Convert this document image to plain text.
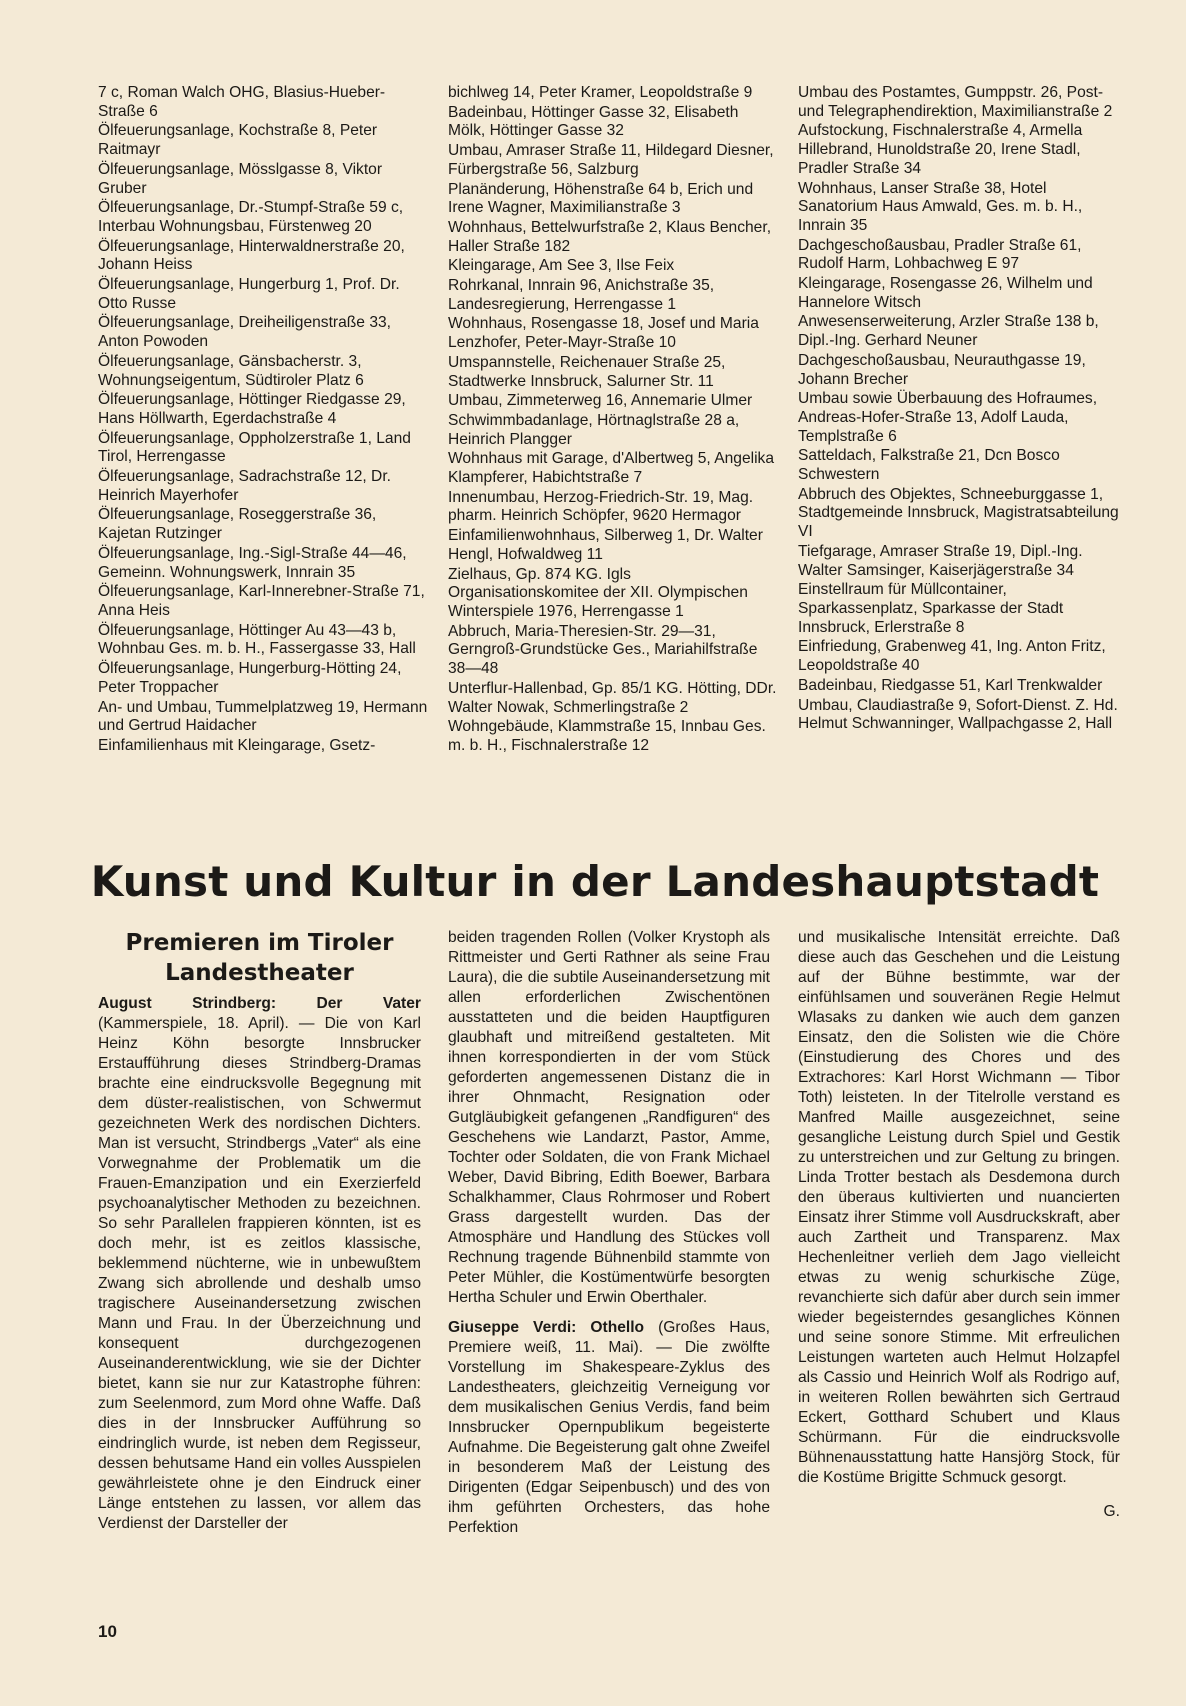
7 c, Roman Walch OHG, Blasius-Hueber-Straße 6

Ölfeuerungsanlage, Kochstraße 8, Peter Raitmayr

Ölfeuerungsanlage, Mösslgasse 8, Viktor Gruber

Ölfeuerungsanlage, Dr.-Stumpf-Straße 59 c, Interbau Wohnungsbau, Fürstenweg 20

Ölfeuerungsanlage, Hinterwaldnerstraße 20, Johann Heiss

Ölfeuerungsanlage, Hungerburg 1, Prof. Dr. Otto Russe

Ölfeuerungsanlage, Dreiheiligenstraße 33, Anton Powoden

Ölfeuerungsanlage, Gänsbacherstr. 3, Wohnungseigentum, Südtiroler Platz 6

Ölfeuerungsanlage, Höttinger Riedgasse 29, Hans Höllwarth, Egerdachstraße 4

Ölfeuerungsanlage, Oppholzerstraße 1, Land Tirol, Herrengasse

Ölfeuerungsanlage, Sadrachstraße 12, Dr. Heinrich Mayerhofer

Ölfeuerungsanlage, Roseggerstraße 36, Kajetan Rutzinger

Ölfeuerungsanlage, Ing.-Sigl-Straße 44—46, Gemeinn. Wohnungswerk, Innrain 35

Ölfeuerungsanlage, Karl-Innerebner-Straße 71, Anna Heis

Ölfeuerungsanlage, Höttinger Au 43—43 b, Wohnbau Ges. m. b. H., Fassergasse 33, Hall

Ölfeuerungsanlage, Hungerburg-Hötting 24, Peter Troppacher

An- und Umbau, Tummelplatzweg 19, Hermann und Gertrud Haidacher

Einfamilienhaus mit Kleingarage, Gsetz-

bichlweg 14, Peter Kramer, Leopoldstraße 9

Badeinbau, Höttinger Gasse 32, Elisabeth Mölk, Höttinger Gasse 32

Umbau, Amraser Straße 11, Hildegard Diesner, Fürbergstraße 56, Salzburg

Planänderung, Höhenstraße 64 b, Erich und Irene Wagner, Maximilianstraße 3

Wohnhaus, Bettelwurfstraße 2, Klaus Bencher, Haller Straße 182

Kleingarage, Am See 3, Ilse Feix

Rohrkanal, Innrain 96, Anichstraße 35, Landesregierung, Herrengasse 1

Wohnhaus, Rosengasse 18, Josef und Maria Lenzhofer, Peter-Mayr-Straße 10

Umspannstelle, Reichenauer Straße 25, Stadtwerke Innsbruck, Salurner Str. 11

Umbau, Zimmeterweg 16, Annemarie Ulmer

Schwimmbadanlage, Hörtnaglstraße 28 a, Heinrich Plangger

Wohnhaus mit Garage, d'Albertweg 5, Angelika Klampferer, Habichtstraße 7

Innenumbau, Herzog-Friedrich-Str. 19, Mag. pharm. Heinrich Schöpfer, 9620 Hermagor

Einfamilienwohnhaus, Silberweg 1, Dr. Walter Hengl, Hofwaldweg 11

Zielhaus, Gp. 874 KG. Igls Organisationskomitee der XII. Olympischen Winterspiele 1976, Herrengasse 1

Abbruch, Maria-Theresien-Str. 29—31, Gerngroß-Grundstücke Ges., Mariahilfstraße 38—48

Unterflur-Hallenbad, Gp. 85/1 KG. Hötting, DDr. Walter Nowak, Schmerlingstraße 2

Wohngebäude, Klammstraße 15, Innbau Ges. m. b. H., Fischnalerstraße 12

Umbau des Postamtes, Gumppstr. 26, Post- und Telegraphendirektion, Maximilianstraße 2

Aufstockung, Fischnalerstraße 4, Armella Hillebrand, Hunoldstraße 20, Irene Stadl, Pradler Straße 34

Wohnhaus, Lanser Straße 38, Hotel Sanatorium Haus Amwald, Ges. m. b. H., Innrain 35

Dachgeschoßausbau, Pradler Straße 61, Rudolf Harm, Lohbachweg E 97

Kleingarage, Rosengasse 26, Wilhelm und Hannelore Witsch

Anwesenserweiterung, Arzler Straße 138 b, Dipl.-Ing. Gerhard Neuner

Dachgeschoßausbau, Neurauthgasse 19, Johann Brecher

Umbau sowie Überbauung des Hofraumes, Andreas-Hofer-Straße 13, Adolf Lauda, Templstraße 6

Satteldach, Falkstraße 21, Dcn Bosco Schwestern

Abbruch des Objektes, Schneeburggasse 1, Stadtgemeinde Innsbruck, Magistratsabteilung VI

Tiefgarage, Amraser Straße 19, Dipl.-Ing. Walter Samsinger, Kaiserjägerstraße 34

Einstellraum für Müllcontainer, Sparkassenplatz, Sparkasse der Stadt Innsbruck, Erlerstraße 8

Einfriedung, Grabenweg 41, Ing. Anton Fritz, Leopoldstraße 40

Badeinbau, Riedgasse 51, Karl Trenkwalder

Umbau, Claudiastraße 9, Sofort-Dienst. Z. Hd. Helmut Schwanninger, Wallpachgasse 2, Hall

Kunst und Kultur in der Landeshauptstadt
Premieren im Tiroler Landestheater

August Strindberg: Der Vater (Kammerspiele, 18. April). — Die von Karl Heinz Köhn besorgte Innsbrucker Erstaufführung dieses Strindberg-Dramas brachte eine eindrucksvolle Begegnung mit dem düster-realistischen, von Schwermut gezeichneten Werk des nordischen Dichters. Man ist versucht, Strindbergs „Vater“ als eine Vorwegnahme der Problematik um die Frauen-Emanzipation und ein Exerzierfeld psychoanalytischer Methoden zu bezeichnen. So sehr Parallelen frappieren könnten, ist es doch mehr, ist es zeitlos klassische, beklemmend nüchterne, wie in unbewußtem Zwang sich abrollende und deshalb umso tragischere Auseinandersetzung zwischen Mann und Frau. In der Überzeichnung und konsequent durchgezogenen Auseinanderentwicklung, wie sie der Dichter bietet, kann sie nur zur Katastrophe führen: zum Seelenmord, zum Mord ohne Waffe. Daß dies in der Innsbrucker Aufführung so eindringlich wurde, ist neben dem Regisseur, dessen behutsame Hand ein volles Ausspielen gewährleistete ohne je den Eindruck einer Länge entstehen zu lassen, vor allem das Verdienst der Darsteller der

beiden tragenden Rollen (Volker Krystoph als Rittmeister und Gerti Rathner als seine Frau Laura), die die subtile Auseinandersetzung mit allen erforderlichen Zwischentönen ausstatteten und die beiden Hauptfiguren glaubhaft und mitreißend gestalteten. Mit ihnen korrespondierten in der vom Stück geforderten angemessenen Distanz die in ihrer Ohnmacht, Resignation oder Gutgläubigkeit gefangenen „Randfiguren“ des Geschehens wie Landarzt, Pastor, Amme, Tochter oder Soldaten, die von Frank Michael Weber, David Bibring, Edith Boewer, Barbara Schalkhammer, Claus Rohrmoser und Robert Grass dargestellt wurden. Das der Atmosphäre und Handlung des Stückes voll Rechnung tragende Bühnenbild stammte von Peter Mühler, die Kostümentwürfe besorgten Hertha Schuler und Erwin Oberthaler.

Giuseppe Verdi: Othello (Großes Haus, Premiere weiß, 11. Mai). — Die zwölfte Vorstellung im Shakespeare-Zyklus des Landestheaters, gleichzeitig Verneigung vor dem musikalischen Genius Verdis, fand beim Innsbrucker Opernpublikum begeisterte Aufnahme. Die Begeisterung galt ohne Zweifel in besonderem Maß der Leistung des Dirigenten (Edgar Seipenbusch) und des von ihm geführten Orchesters, das hohe Perfektion

und musikalische Intensität erreichte. Daß diese auch das Geschehen und die Leistung auf der Bühne bestimmte, war der einfühlsamen und souveränen Regie Helmut Wlasaks zu danken wie auch dem ganzen Einsatz, den die Solisten wie die Chöre (Einstudierung des Chores und des Extrachores: Karl Horst Wichmann — Tibor Toth) leisteten. In der Titelrolle verstand es Manfred Maille ausgezeichnet, seine gesangliche Leistung durch Spiel und Gestik zu unterstreichen und zur Geltung zu bringen. Linda Trotter bestach als Desdemona durch den überaus kultivierten und nuancierten Einsatz ihrer Stimme voll Ausdruckskraft, aber auch Zartheit und Transparenz. Max Hechenleitner verlieh dem Jago vielleicht etwas zu wenig schurkische Züge, revanchierte sich dafür aber durch sein immer wieder begeisterndes gesangliches Können und seine sonore Stimme. Mit erfreulichen Leistungen warteten auch Helmut Holzapfel als Cassio und Heinrich Wolf als Rodrigo auf, in weiteren Rollen bewährten sich Gertraud Eckert, Gotthard Schubert und Klaus Schürmann. Für die eindrucksvolle Bühnenausstattung hatte Hansjörg Stock, für die Kostüme Brigitte Schmuck gesorgt.

G.
10
